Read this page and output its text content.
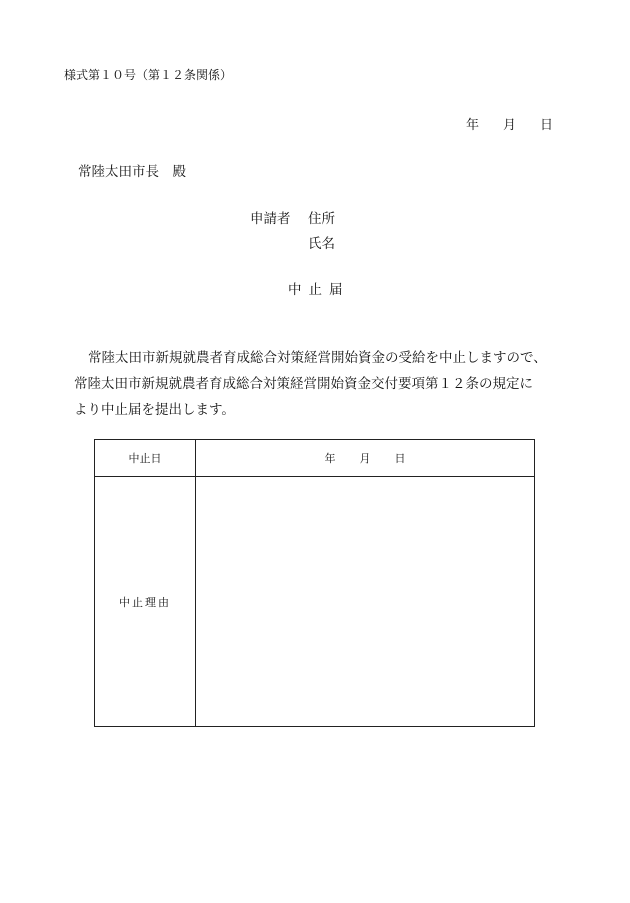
様式第１０号（第１２条関係）
年 月 日
常陸太田市長　殿
申請者 住所
氏名
中止届
常陸太田市新規就農者育成総合対策経営開始資金の受給を中止しますので、
常陸太田市新規就農者育成総合対策経営開始資金交付要項第１２条の規定に
より中止届を提出します。
中止日	年 月 日
中止理由	
